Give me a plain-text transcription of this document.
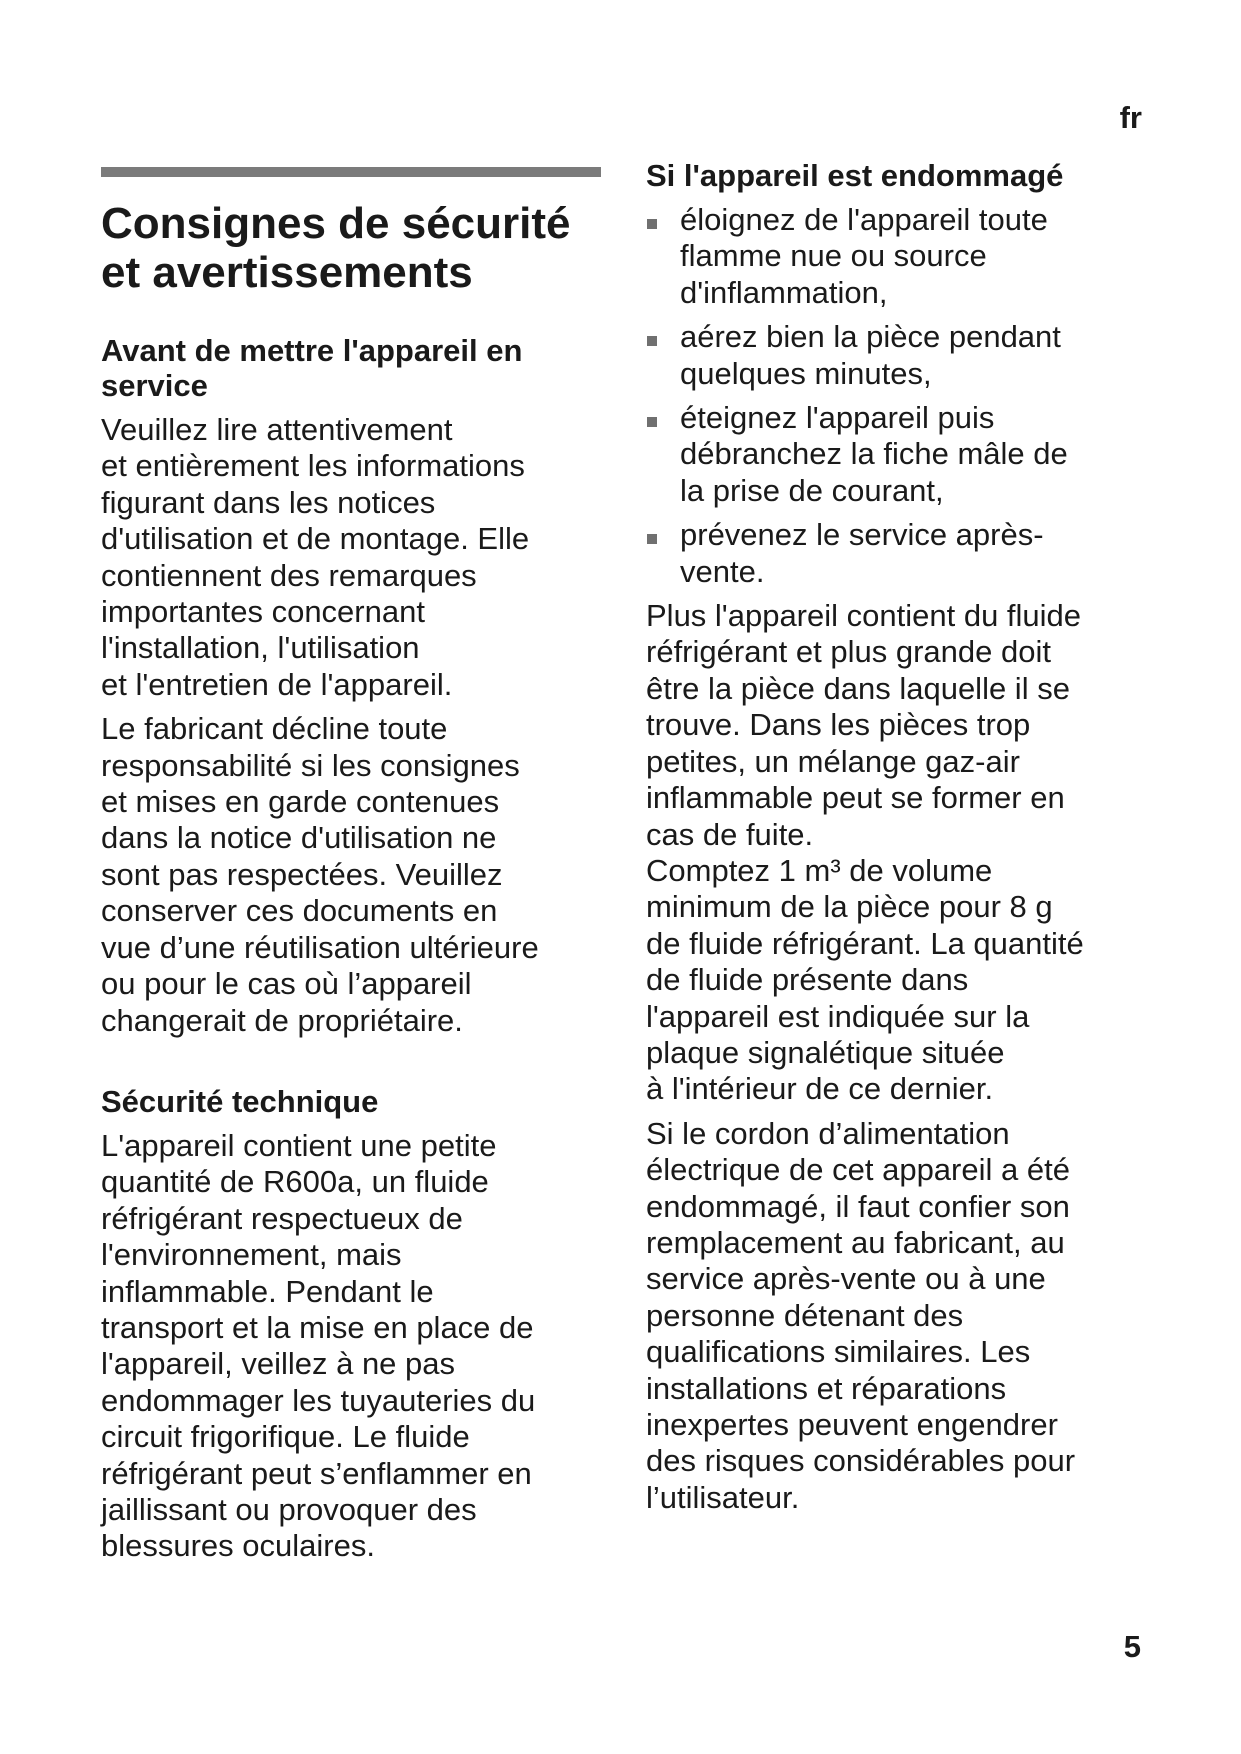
fr
Consignes de sécurité
et avertissements
Avant de mettre l'appareil en
service

Veuillez lire attentivement
et entièrement les informations
figurant dans les notices
d'utilisation et de montage. Elle
contiennent des remarques
importantes concernant
l'installation, l'utilisation
et l'entretien de l'appareil.

Le fabricant décline toute
responsabilité si les consignes
et mises en garde contenues
dans la notice d'utilisation ne
sont pas respectées. Veuillez
conserver ces documents en
vue d’une réutilisation ultérieure
ou pour le cas où l’appareil
changerait de propriétaire.

Sécurité technique

L'appareil contient une petite
quantité de R600a, un fluide
réfrigérant respectueux de
l'environnement, mais
inflammable. Pendant le
transport et la mise en place de
l'appareil, veillez à ne pas
endommager les tuyauteries du
circuit frigorifique. Le fluide
réfrigérant peut s’enflammer en
jaillissant ou provoquer des
blessures oculaires.

Si l'appareil est endommagé
éloignez de l'appareil toute
flamme nue ou source
d'inflammation,
aérez bien la pièce pendant
quelques minutes,
éteignez l'appareil puis
débranchez la fiche mâle de
la prise de courant,
prévenez le service après-
vente.

Plus l'appareil contient du fluide
réfrigérant et plus grande doit
être la pièce dans laquelle il se
trouve. Dans les pièces trop
petites, un mélange gaz-air
inflammable peut se former en
cas de fuite.

Comptez 1 m³ de volume
minimum de la pièce pour 8 g
de fluide réfrigérant. La quantité
de fluide présente dans
l'appareil est indiquée sur la
plaque signalétique située
à l'intérieur de ce dernier.

Si le cordon d’alimentation
électrique de cet appareil a été
endommagé, il faut confier son
remplacement au fabricant, au
service après-vente ou à une
personne détenant des
qualifications similaires. Les
installations et réparations
inexpertes peuvent engendrer
des risques considérables pour
l’utilisateur.

5
